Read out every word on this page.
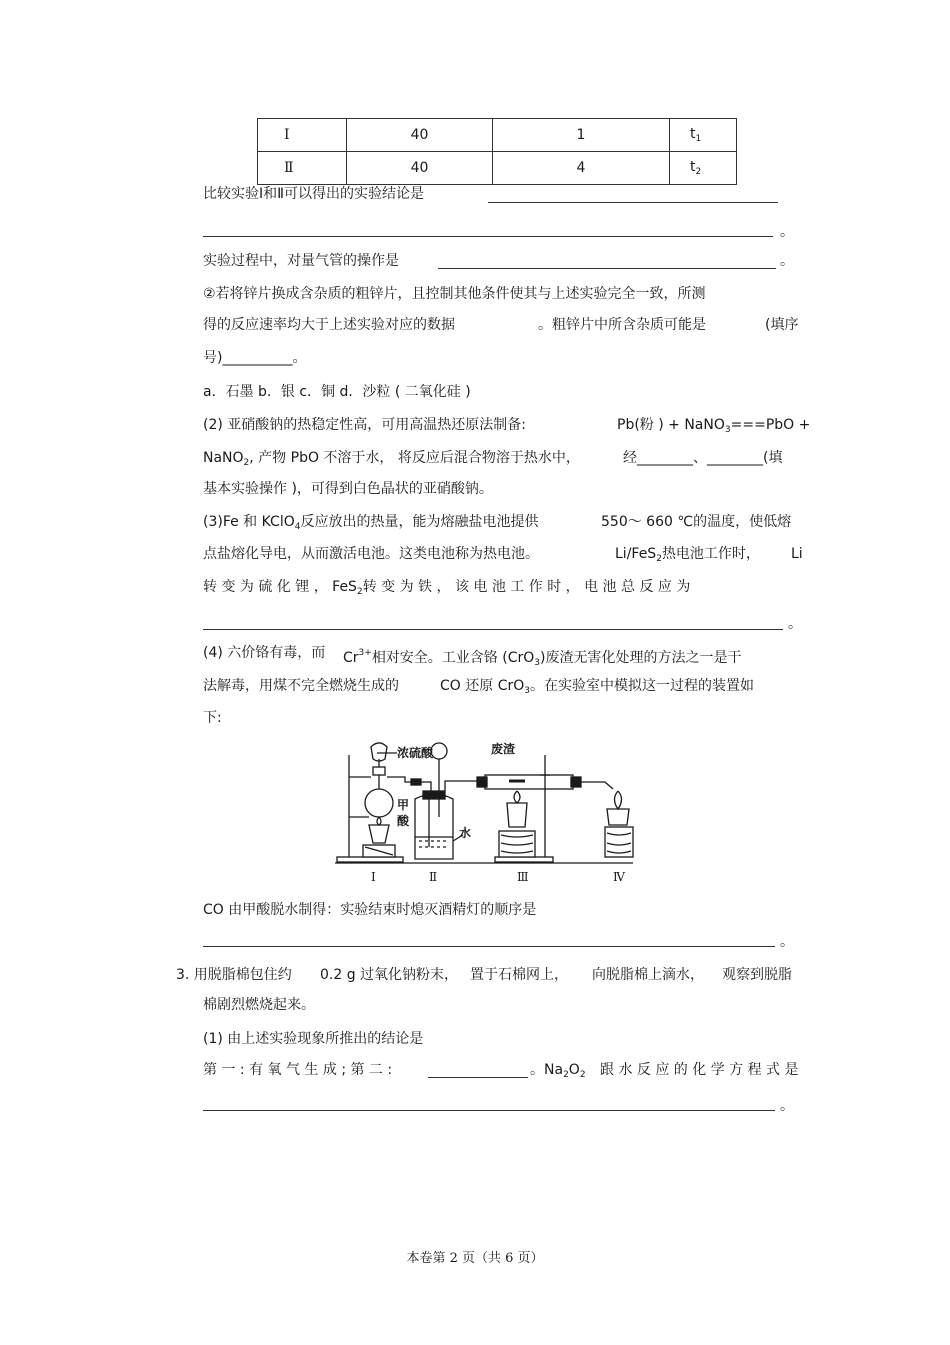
Ⅰ	40	1	$t_1$
Ⅱ	40	4	$t_2$
比较实验Ⅰ和Ⅱ可以得出的实验结论是
。
实验过程中，对量气管的操作是	。
②若将锌片换成含杂质的粗锌片，且控制其他条件使其与上述实验完全一致，所测
得的反应速率均大于上述实验对应的数据	。粗锌片中所含杂质可能是	(填序
号)__________。
a．石墨 b．银 c．铜 d．沙粒 ( 二氧化硅 )
(2) 亚硝酸钠的热稳定性高，可用高温热还原法制备:	Pb(粉 ) + NaNO$_3$===PbO +
NaNO$_2$, 产物 PbO 不溶于水， 将反应后混合物溶于热水中，	经________、________(填
基本实验操作 )，可得到白色晶状的亚硝酸钠。
(3)Fe 和 KClO$_4$反应放出的热量，能为熔融盐电池提供	550～ 660 ℃的温度，使低熔
点盐熔化导电，从而激活电池。这类电池称为热电池。	Li/FeS$_2$热电池工作时， Li
转 变 为 硫 化 锂 ， FeS$_2$转 变 为 铁 ， 该 电 池 工 作 时 ， 电 池 总 反 应 为
。
(4) 六价铬有毒，而 $Cr^{3+}$相对安全。工业含铬 (CrO$_3$)废渣无害化处理的方法之一是干
法解毒，用煤不完全燃烧生成的	CO 还原 CrO$_3$。在实验室中模拟这一过程的装置如
下:
浓硫酸
甲
酸
水
废渣
Ⅰ	Ⅱ	Ⅲ	Ⅳ
CO 由甲酸脱水制得：实验结束时熄灭酒精灯的顺序是
。
3. 用脱脂棉包住约 0.2 g 过氧化钠粉末， 置于石棉网上， 向脱脂棉上滴水， 观察到脱脂
棉剧烈燃烧起来。
(1) 由上述实验现象所推出的结论是
第 一 : 有 氧 气 生 成 ; 第 二 :	。$Na_2O_2$ 跟 水 反 应 的 化 学 方 程 式 是
。
本卷第 2 页（共 6 页）
